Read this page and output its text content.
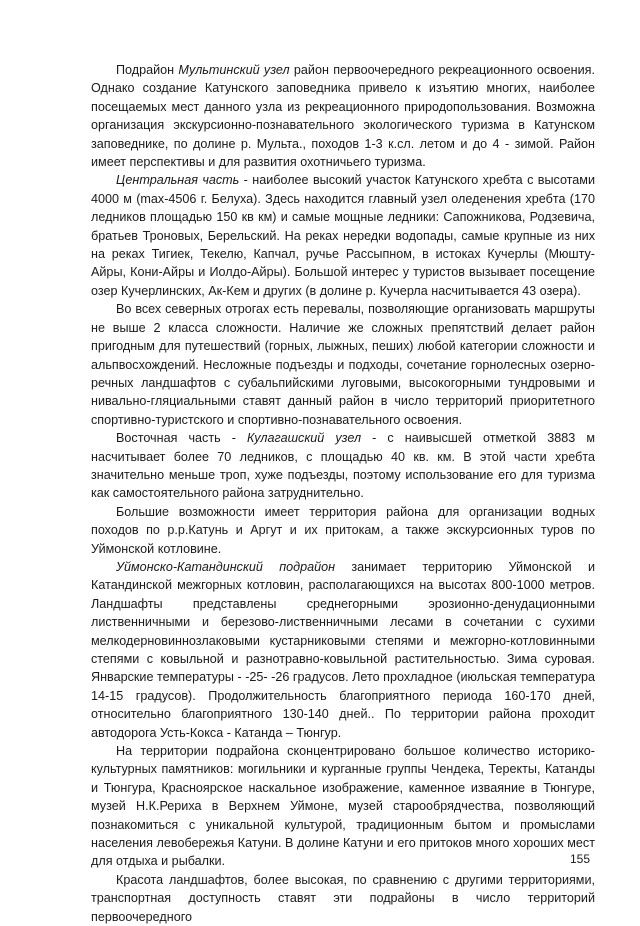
Подрайон Мультинский узел район первоочередного рекреационного освоения. Однако создание Катунского заповедника привело к изъятию многих, наиболее посещаемых мест данного узла из рекреационного природопользования. Возможна организация экскурсионно-познавательного экологического туризма в Катунском заповеднике, по долине р. Мульта., походов 1-3 к.сл. летом и до 4 - зимой. Район имеет перспективы и для развития охотничьего туризма.

Центральная часть - наиболее высокий участок Катунского хребта с высотами 4000 м (max-4506 г. Белуха). Здесь находится главный узел оледенения хребта (170 ледников площадью 150 кв км) и самые мощные ледники: Сапожникова, Родзевича, братьев Троновых, Берельский. На реках нередки водопады, самые крупные из них на реках Тигиек, Текелю, Капчал, ручье Рассыпном, в истоках Кучерлы (Мюшту-Айры, Кони-Айры и Иолдо-Айры). Большой интерес у туристов вызывает посещение озер Кучерлинских, Ак-Кем и других (в долине р. Кучерла насчитывается 43 озера).

Во всех северных отрогах есть перевалы, позволяющие организовать маршруты не выше 2 класса сложности. Наличие же сложных препятствий делает район пригодным для путешествий (горных, лыжных, пеших) любой категории сложности и альпвосхождений. Несложные подъезды и подходы, сочетание горнолесных озерно-речных ландшафтов с субальпийскими луговыми, высокогорными тундровыми и нивально-гляциальными ставят данный район в число территорий приоритетного спортивно-туристского и спортивно-познавательного освоения.

Восточная часть - Кулагашский узел - с наивысшей отметкой 3883 м насчитывает более 70 ледников, с площадью 40 кв. км. В этой части хребта значительно меньше троп, хуже подъезды, поэтому использование его для туризма как самостоятельного района затруднительно.

Большие возможности имеет территория района для организации водных походов по р.р.Катунь и Аргут и их притокам, а также экскурсионных туров по Уймонской котловине.

Уймонско-Катандинский подрайон занимает территорию Уймонской и Катандинской межгорных котловин, располагающихся на высотах 800-1000 метров. Ландшафты представлены среднегорными эрозионно-денудационными лиственничными и березово-лиственничными лесами в сочетании с сухими мелкодерновиннозлаковыми кустарниковыми степями и межгорно-котловинными степями с ковыльной и разнотравно-ковыльной растительностью. Зима суровая. Январские температуры - -25- -26 градусов. Лето прохладное (июльская температура 14-15 градусов). Продолжительность благоприятного периода 160-170 дней, относительно благоприятного 130-140 дней.. По территории района проходит автодорога Усть-Кокса - Катанда – Тюнгур.

На территории подрайона сконцентрировано большое количество историко-культурных памятников: могильники и курганные группы Чендека, Теректы, Катанды и Тюнгура, Красноярское наскальное изображение, каменное изваяние в Тюнгуре, музей Н.К.Рериха в Верхнем Уймоне, музей старообрядчества, позволяющий познакомиться с уникальной культурой, традиционным бытом и промыслами населения левобережья Катуни. В долине Катуни и его притоков много хороших мест для отдыха и рыбалки.

Красота ландшафтов, более высокая, по сравнению с другими территориями, транспортная доступность ставят эти подрайоны в число территорий первоочередного

155
